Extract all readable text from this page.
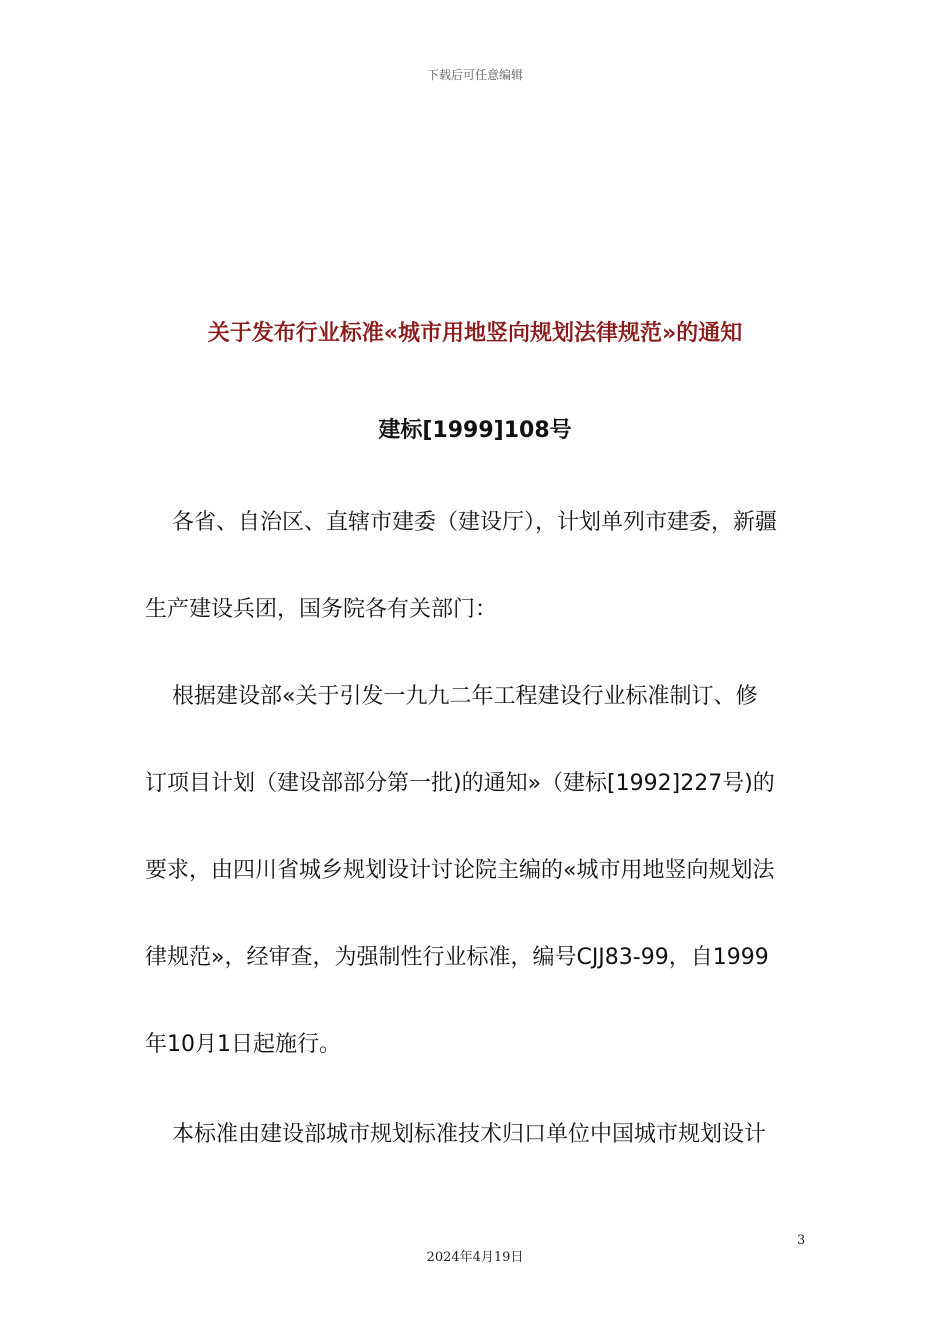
下载后可任意编辑
关于发布行业标准«城市用地竖向规划法律规范»的通知
建标[1999]108号
各省、自治区、直辖市建委（建设厅），计划单列市建委，新疆
生产建设兵团，国务院各有关部门：
根据建设部«关于引发一九九二年工程建设行业标准制订、修
订项目计划（建设部部分第一批)的通知»（建标[1992]227号)的
要求，由四川省城乡规划设计讨论院主编的«城市用地竖向规划法
律规范»，经审查，为强制性行业标准，编号CJJ83-99，自1999
年10月1日起施行。
本标准由建设部城市规划标准技术归口单位中国城市规划设计
3
2024年4月19日
